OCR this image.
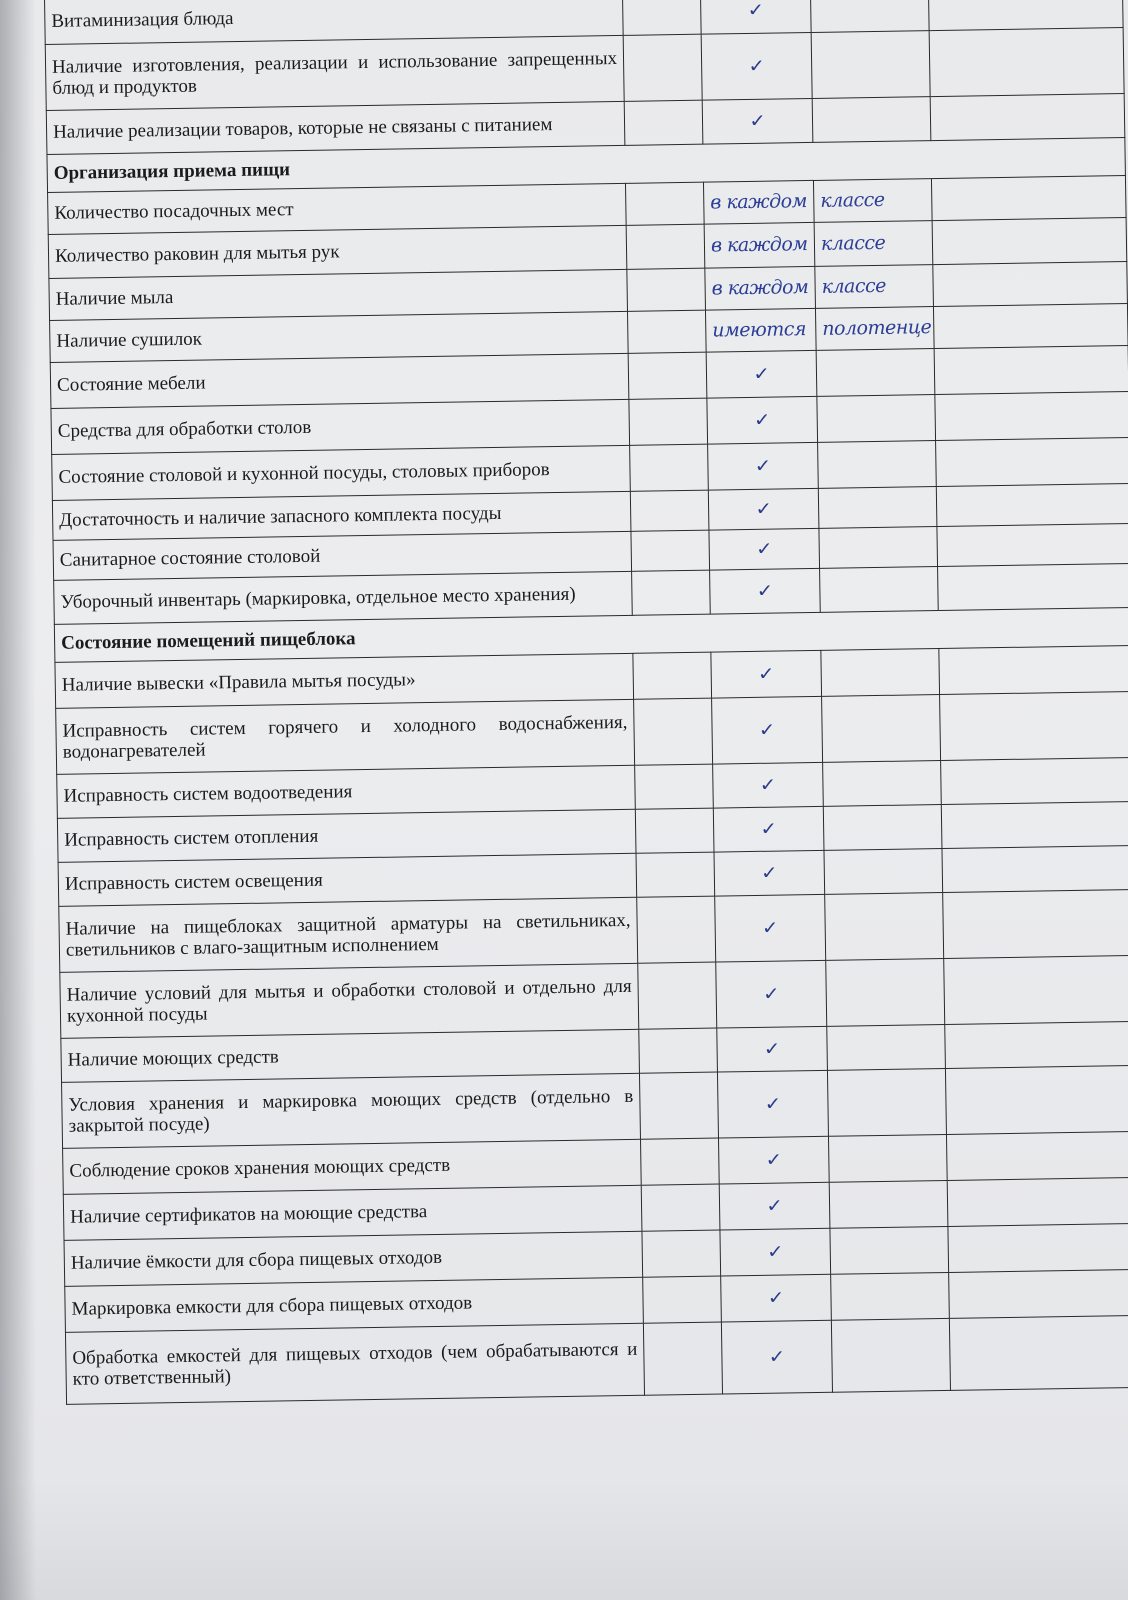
Витаминизация блюда		✓		
Наличие изготовления, реализации и использование запрещенных блюд и продуктов		✓		
Наличие реализации товаров, которые не связаны с питанием		✓		
Организация приема пищи				
Количество посадочных мест		в каждом	классе	
Количество раковин для мытья рук		в каждом	классе	
Наличие мыла		в каждом	классе	
Наличие сушилок		имеются	полотенце	
Состояние мебели		✓		
Средства для обработки столов		✓		
Состояние столовой и кухонной посуды, столовых приборов		✓		
Достаточность и наличие запасного комплекта посуды		✓		
Санитарное состояние столовой		✓		
Уборочный инвентарь (маркировка, отдельное место хранения)		✓		
Состояние помещений пищеблока				
Наличие вывески «Правила мытья посуды»		✓		
Исправность систем горячего и холодного водоснабжения, водонагревателей		✓		
Исправность систем водоотведения		✓		
Исправность систем отопления		✓		
Исправность систем освещения		✓		
Наличие на пищеблоках защитной арматуры на светильниках, светильников с влаго-защитным исполнением		✓		
Наличие условий для мытья и обработки столовой и отдельно для кухонной посуды		✓		
Наличие моющих средств		✓		
Условия хранения и маркировка моющих средств (отдельно в закрытой посуде)		✓		
Соблюдение сроков хранения моющих средств		✓		
Наличие сертификатов на моющие средства		✓		
Наличие ёмкости для сбора пищевых отходов		✓		
Маркировка емкости для сбора пищевых отходов		✓		
Обработка емкостей для пищевых отходов (чем обрабатываются и кто ответственный)		✓		
